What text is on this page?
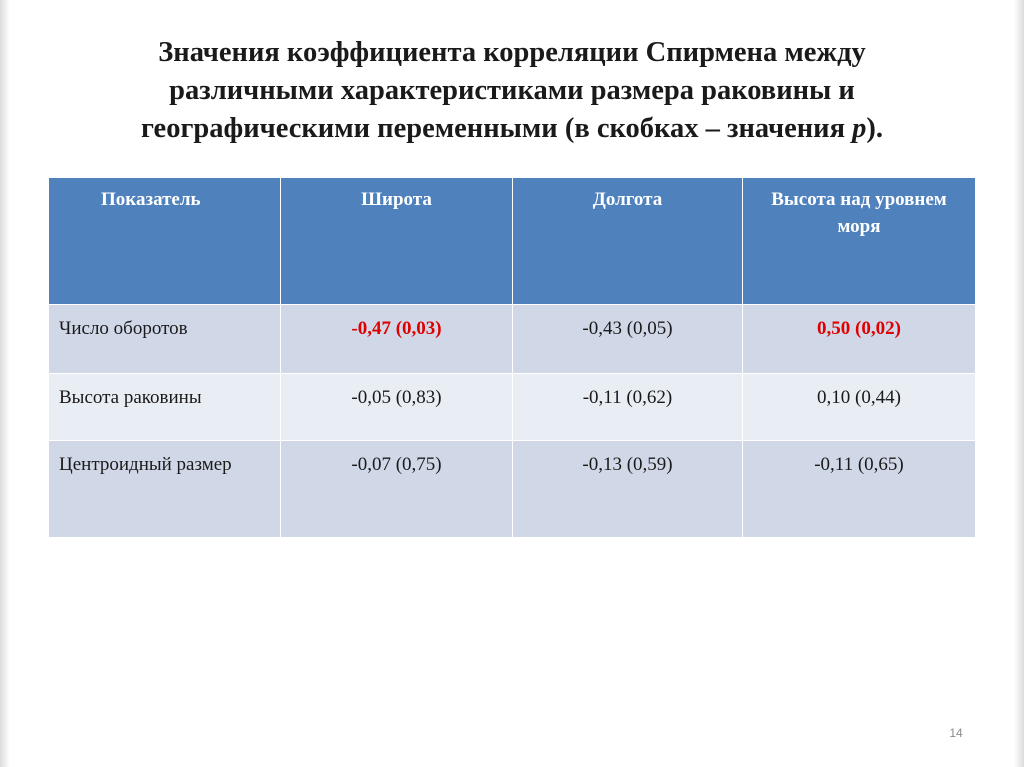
Значения коэффициента корреляции Спирмена между
различными характеристиками размера раковины и
географическими переменными (в скобках – значения p).
Показатель	Широта	Долгота	Высота над уровнем моря
Число оборотов	-0,47 (0,03)	-0,43 (0,05)	0,50 (0,02)
Высота раковины	-0,05 (0,83)	-0,11 (0,62)	0,10 (0,44)
Центроидный размер	-0,07 (0,75)	-0,13 (0,59)	-0,11 (0,65)
14
